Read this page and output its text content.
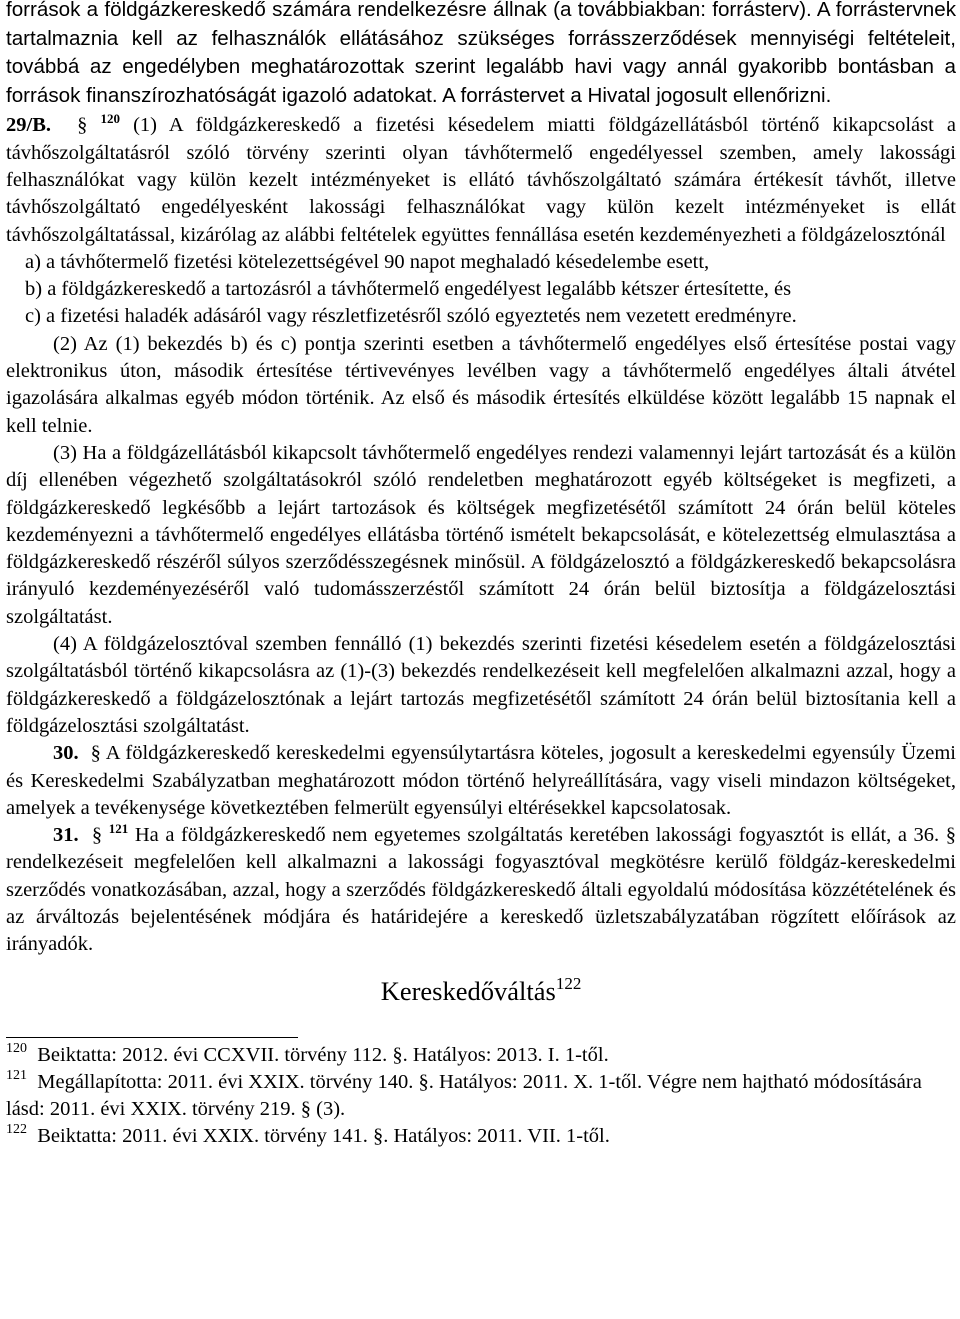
források a földgázkereskedő számára rendelkezésre állnak (a továbbiakban: forrásterv). A forrástervnek tartalmaznia kell az felhasználók ellátásához szükséges forrásszerződések mennyiségi feltételeit, továbbá az engedélyben meghatározottak szerint legalább havi vagy annál gyakoribb bontásban a források finanszírozhatóságát igazoló adatokat. A forrástervet a Hivatal jogosult ellenőrizni.

29/B. § $^{120}$ (1) A földgázkereskedő a fizetési késedelem miatti földgázellátásból történő kikapcsolást a távhőszolgáltatásról szóló törvény szerinti olyan távhőtermelő engedélyessel szemben, amely lakossági felhasználókat vagy külön kezelt intézményeket is ellátó távhőszolgáltató számára értékesít távhőt, illetve távhőszolgáltató engedélyesként lakossági felhasználókat vagy külön kezelt intézményeket is ellát távhőszolgáltatással, kizárólag az alábbi feltételek együttes fennállása esetén kezdeményezheti a földgázelosztónál

a) a távhőtermelő fizetési kötelezettségével 90 napot meghaladó késedelembe esett,

b) a földgázkereskedő a tartozásról a távhőtermelő engedélyest legalább kétszer értesítette, és

c) a fizetési haladék adásáról vagy részletfizetésről szóló egyeztetés nem vezetett eredményre.

(2) Az (1) bekezdés b) és c) pontja szerinti esetben a távhőtermelő engedélyes első értesítése postai vagy elektronikus úton, második értesítése tértivevényes levélben vagy a távhőtermelő engedélyes általi átvétel igazolására alkalmas egyéb módon történik. Az első és második értesítés elküldése között legalább 15 napnak el kell telnie.

(3) Ha a földgázellátásból kikapcsolt távhőtermelő engedélyes rendezi valamennyi lejárt tartozását és a külön díj ellenében végezhető szolgáltatásokról szóló rendeletben meghatározott egyéb költségeket is megfizeti, a földgázkereskedő legkésőbb a lejárt tartozások és költségek megfizetésétől számított 24 órán belül köteles kezdeményezni a távhőtermelő engedélyes ellátásba történő ismételt bekapcsolását, e kötelezettség elmulasztása a földgázkereskedő részéről súlyos szerződésszegésnek minősül. A földgázelosztó a földgázkereskedő bekapcsolásra irányuló kezdeményezéséről való tudomásszerzéstől számított 24 órán belül biztosítja a földgázelosztási szolgáltatást.

(4) A földgázelosztóval szemben fennálló (1) bekezdés szerinti fizetési késedelem esetén a földgázelosztási szolgáltatásból történő kikapcsolásra az (1)-(3) bekezdés rendelkezéseit kell megfelelően alkalmazni azzal, hogy a földgázkereskedő a földgázelosztónak a lejárt tartozás megfizetésétől számított 24 órán belül biztosítania kell a földgázelosztási szolgáltatást.

30. § A földgázkereskedő kereskedelmi egyensúlytartásra köteles, jogosult a kereskedelmi egyensúly Üzemi és Kereskedelmi Szabályzatban meghatározott módon történő helyreállítására, vagy viseli mindazon költségeket, amelyek a tevékenysége következtében felmerült egyensúlyi eltérésekkel kapcsolatosak.

31. § $^{121}$ Ha a földgázkereskedő nem egyetemes szolgáltatás keretében lakossági fogyasztót is ellát, a 36. § rendelkezéseit megfelelően kell alkalmazni a lakossági fogyasztóval megkötésre kerülő földgáz-kereskedelmi szerződés vonatkozásában, azzal, hogy a szerződés földgázkereskedő általi egyoldalú módosítása közzétételének és az árváltozás bejelentésének módjára és határidejére a kereskedő üzletszabályzatában rögzített előírások az irányadók.

Kereskedőváltás$^{122}$

$^{120}$ Beiktatta: 2012. évi CCXVII. törvény 112. §. Hatályos: 2013. I. 1-től.

$^{121}$ Megállapította: 2011. évi XXIX. törvény 140. §. Hatályos: 2011. X. 1-től. Végre nem hajtható módosítására lásd: 2011. évi XXIX. törvény 219. § (3).

$^{122}$ Beiktatta: 2011. évi XXIX. törvény 141. §. Hatályos: 2011. VII. 1-től.
